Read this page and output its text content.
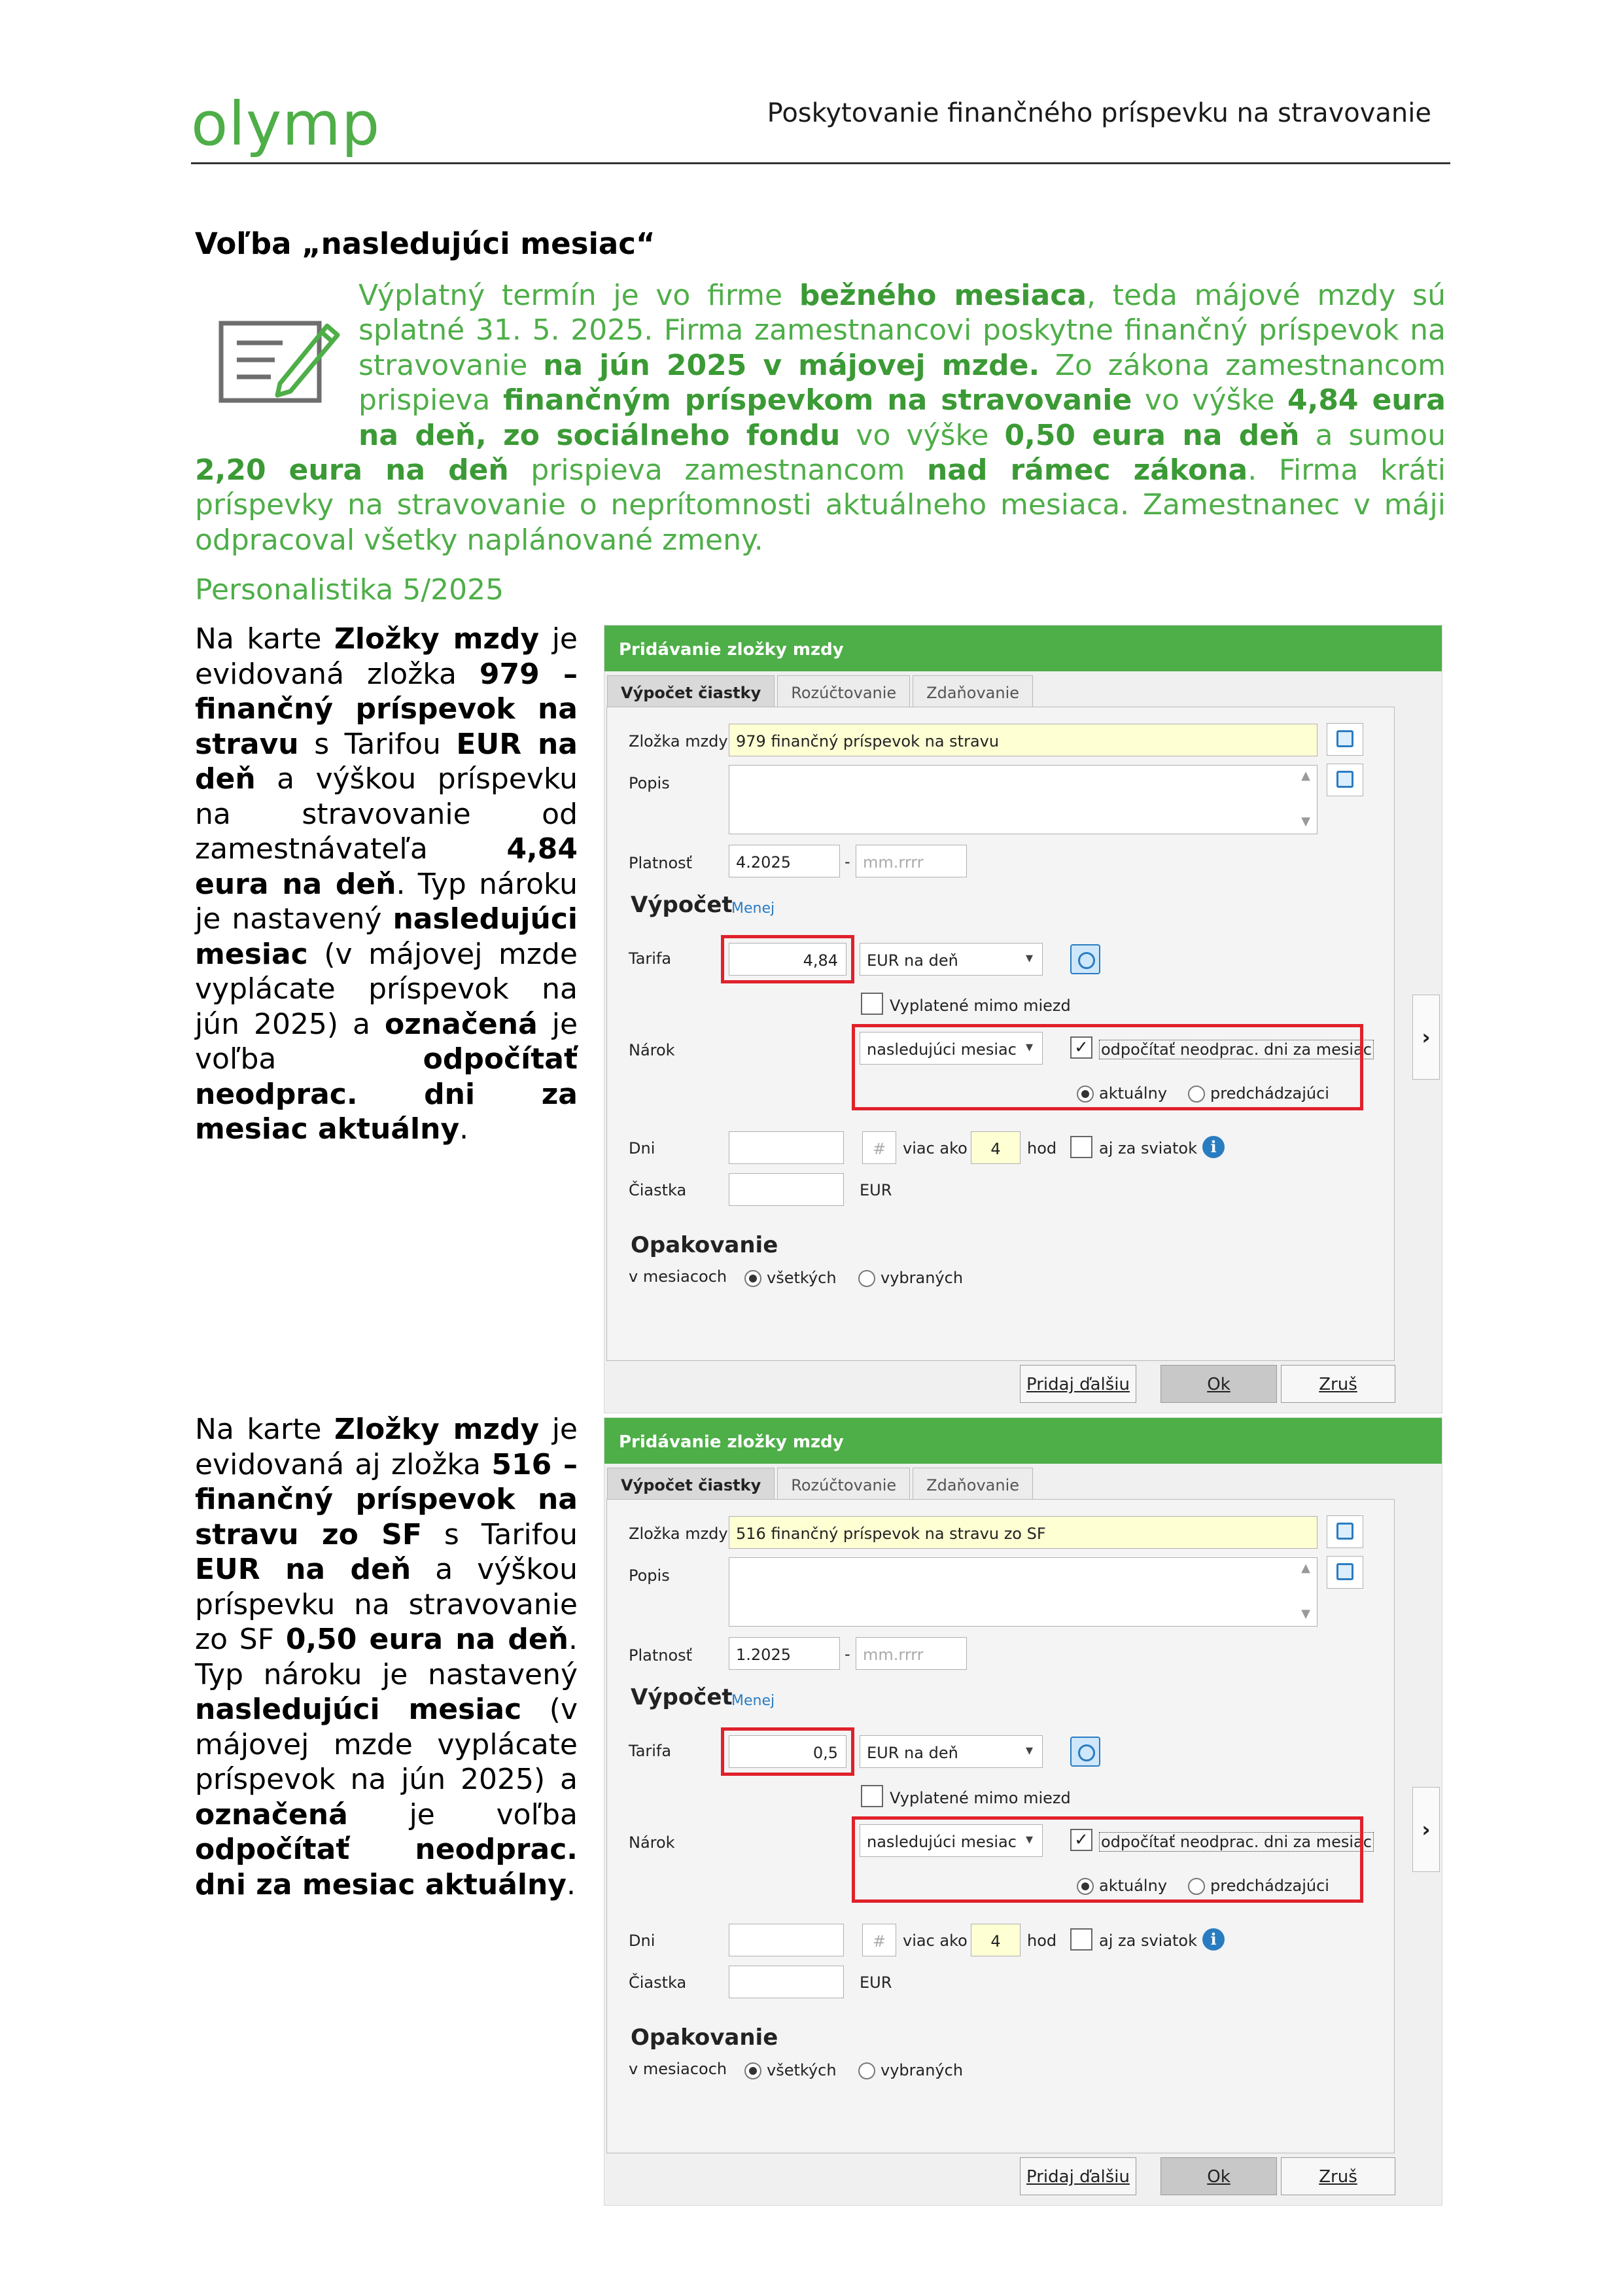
olymp	Poskytovanie finančného príspevku na stravovanie
Voľba „nasledujúci mesiac“
Výplatný termín je vo firme bežného mesiaca, teda májové mzdy sú splatné 31. 5. 2025. Firma zamestnancovi poskytne finančný príspevok na stravovanie na jún 2025 v májovej mzde. Zo zákona zamestnancom prispieva finančným príspevkom na stravovanie vo výške 4,84 eura na deň, zo sociálneho fondu vo výške 0,50 eura na deň a sumou 2,20 eura na deň prispieva zamestnancom nad rámec zákona. Firma kráti príspevky na stravovanie o neprítomnosti aktuálneho mesiaca. Zamestnanec v máji odpracoval všetky naplánované zmeny.
Personalistika 5/2025
Na karte Zložky mzdy je evidovaná zložka 979 – finančný príspevok na stravu s Tarifou EUR na deň a výškou príspevku na stravovanie od zamestnávateľa 4,84 eura na deň. Typ nároku je nastavený nasledujúci mesiac (v májovej mzde vyplácate príspevok na jún 2025) a označená je voľba odpočítať neodprac. dni za mesiac aktuálny.
Na karte Zložky mzdy je evidovaná aj zložka 516 – finančný príspevok na stravu zo SF s Tarifou EUR na deň a výškou príspevku na stravovanie zo SF 0,50 eura na deň. Typ nároku je nastavený nasledujúci mesiac (v májovej mzde vyplácate príspevok na jún 2025) a označená je voľba odpočítať neodprac. dni za mesiac aktuálny.
Pridávanie zložky mzdy
Výpočet čiastky	Rozúčtovanie	Zdaňovanie
Zložka mzdy 979 finančný príspevok na stravu
Popis	▲
▼
Platnosť	4.2025	- mm.rrrr
Výpočet
Menej
Tarifa	4,84	EUR na deň ▾
Vyplatené mimo miezd
Nárok	nasledujúci mesiac ▾	✓ odpočítať neodprac. dni za mesiac
aktuálny	predchádzajúci
Dni	#	viac ako	4	hod	aj za sviatok i
Čiastka	EUR
Opakovanie
v mesiacoch	všetkých	vybraných
›
Pridaj ďalšiu	Ok	Zruš
Pridávanie zložky mzdy
Výpočet čiastky	Rozúčtovanie	Zdaňovanie
Zložka mzdy 516 finančný príspevok na stravu zo SF
Popis	▲
▼
Platnosť	1.2025	- mm.rrrr
Výpočet
Menej
Tarifa	0,5	EUR na deň ▾
Vyplatené mimo miezd
Nárok	nasledujúci mesiac ▾	✓ odpočítať neodprac. dni za mesiac
aktuálny	predchádzajúci
Dni	#	viac ako	4	hod	aj za sviatok i
Čiastka	EUR
Opakovanie
v mesiacoch	všetkých	vybraných
›
Pridaj ďalšiu	Ok	Zruš
